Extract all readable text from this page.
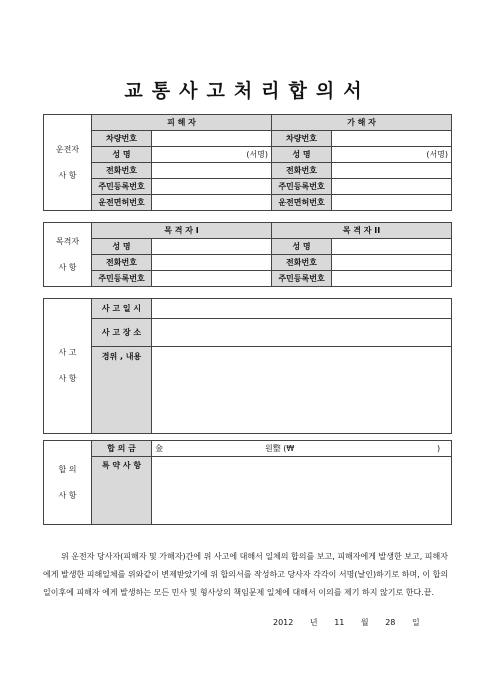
교통사고처리합의서
운전자
사 항	피 해 자		가 해 자	
	차량번호		차량번호	
	성 명	(서명)	성 명	(서명)
	전화번호		전화번호	
	주민등록번호		주민등록번호	
	운전면허번호		운전면허번호	
목격자
사 항	목 격 자 I		목 격 자 II	
	성 명		성 명	
	전화번호		전화번호	
	주민등록번호		주민등록번호	
사 고
사 항	사 고 일 시	
	사 고 장 소	
	경위 , 내용	
합 의
사 항	합 의 금	金 원整 (₩ )
	특 약 사 항	
위 운전자 당사자(피해자 및 가해자)간에 위 사고에 대해서 일체의 합의를 보고, 피해자에게 발생한 보고, 피해자에게 발생한 피해일체를 위와같이 변제받았기에 위 합의서를 작성하고 당사자 각각이 서명(날인)하기로 하며, 이 합의일이후에 피해자 에게 발생하는 모든 민사 및 형사상의 책임문제 일체에 대해서 이의를 제기 하지 않기로 한다.끝.
2012 년 11 월 28 일
